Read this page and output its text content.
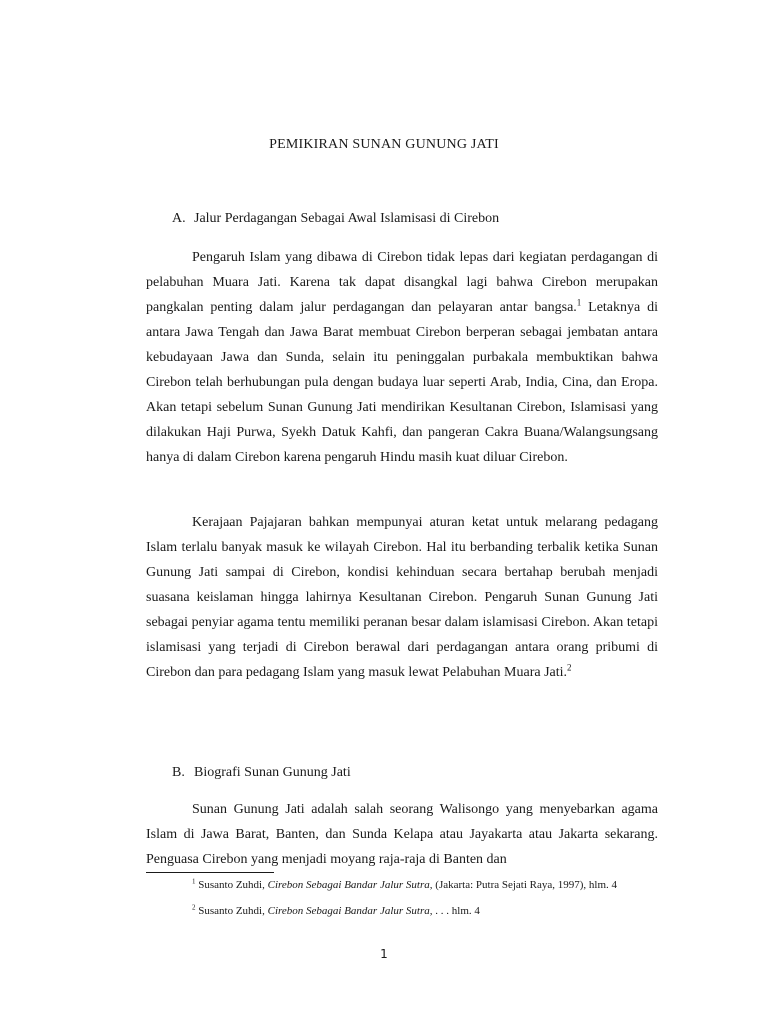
PEMIKIRAN SUNAN GUNUNG JATI
A. Jalur Perdagangan Sebagai Awal Islamisasi di Cirebon

Pengaruh Islam yang dibawa di Cirebon tidak lepas dari kegiatan perdagangan di pelabuhan Muara Jati. Karena tak dapat disangkal lagi bahwa Cirebon merupakan pangkalan penting dalam jalur perdagangan dan pelayaran antar bangsa.$^1$ Letaknya di antara Jawa Tengah dan Jawa Barat membuat Cirebon berperan sebagai jembatan antara kebudayaan Jawa dan Sunda, selain itu peninggalan purbakala membuktikan bahwa Cirebon telah berhubungan pula dengan budaya luar seperti Arab, India, Cina, dan Eropa. Akan tetapi sebelum Sunan Gunung Jati mendirikan Kesultanan Cirebon, Islamisasi yang dilakukan Haji Purwa, Syekh Datuk Kahfi, dan pangeran Cakra Buana/Walangsungsang hanya di dalam Cirebon karena pengaruh Hindu masih kuat diluar Cirebon.

Kerajaan Pajajaran bahkan mempunyai aturan ketat untuk melarang pedagang Islam terlalu banyak masuk ke wilayah Cirebon. Hal itu berbanding terbalik ketika Sunan Gunung Jati sampai di Cirebon, kondisi kehinduan secara bertahap berubah menjadi suasana keislaman hingga lahirnya Kesultanan Cirebon. Pengaruh Sunan Gunung Jati sebagai penyiar agama tentu memiliki peranan besar dalam islamisasi Cirebon. Akan tetapi islamisasi yang terjadi di Cirebon berawal dari perdagangan antara orang pribumi di Cirebon dan para pedagang Islam yang masuk lewat Pelabuhan Muara Jati.$^2$

B. Biografi Sunan Gunung Jati

Sunan Gunung Jati adalah salah seorang Walisongo yang menyebarkan agama Islam di Jawa Barat, Banten, dan Sunda Kelapa atau Jayakarta atau Jakarta sekarang. Penguasa Cirebon yang menjadi moyang raja-raja di Banten dan

$^1$ Susanto Zuhdi, Cirebon Sebagai Bandar Jalur Sutra, (Jakarta: Putra Sejati Raya, 1997), hlm. 4

$^2$ Susanto Zuhdi, Cirebon Sebagai Bandar Jalur Sutra, . . . hlm. 4

1
